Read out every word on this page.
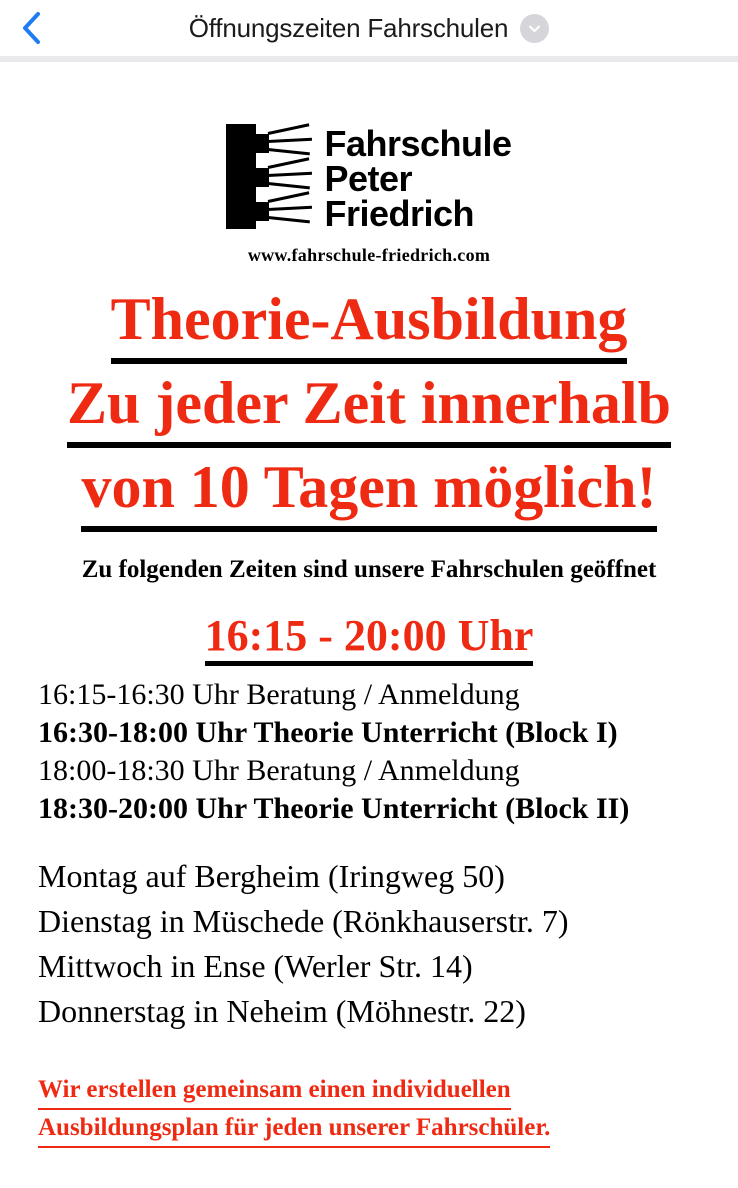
Öffnungszeiten Fahrschulen
Fahrschule
Peter
Friedrich
www.fahrschule-friedrich.com
Theorie-Ausbildung
Zu jeder Zeit innerhalb
von 10 Tagen möglich!
Zu folgenden Zeiten sind unsere Fahrschulen geöffnet
16:15 - 20:00 Uhr
16:15-16:30 Uhr Beratung / Anmeldung
16:30-18:00 Uhr Theorie Unterricht (Block I)
18:00-18:30 Uhr Beratung / Anmeldung
18:30-20:00 Uhr Theorie Unterricht (Block II)
Montag auf Bergheim (Iringweg 50)
Dienstag in Müschede (Rönkhauserstr. 7)
Mittwoch in Ense (Werler Str. 14)
Donnerstag in Neheim (Möhnestr. 22)
Wir erstellen gemeinsam einen individuellen
Ausbildungsplan für jeden unserer Fahrschüler.
